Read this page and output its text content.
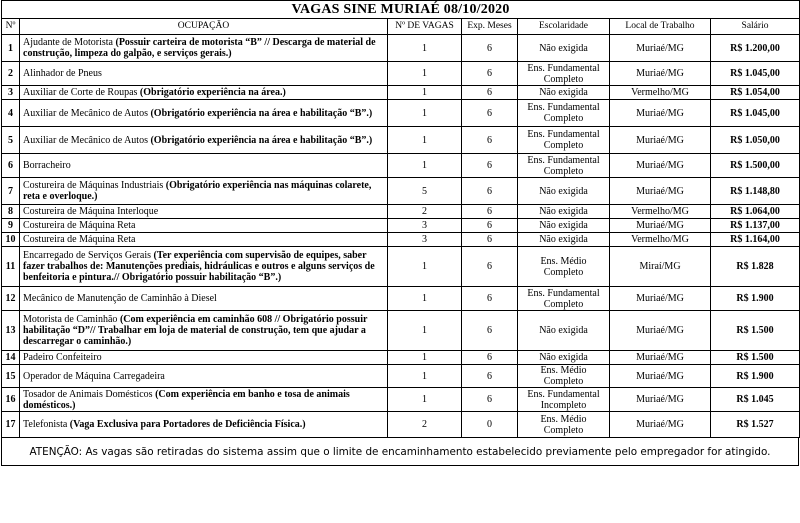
VAGAS SINE MURIAÉ 08/10/2020						
Nº	OCUPAÇÃO	Nº DE VAGAS	Exp. Meses	Escolaridade	Local de Trabalho	Salário
1	Ajudante de Motorista (Possuir carteira de motorista “B” // Descarga de material de construção, limpeza do galpão, e serviços gerais.)	1	6	Não exigida	Muriaé/MG	R$ 1.200,00
2	Alinhador de Pneus	1	6	Ens. Fundamental Completo	Muriaé/MG	R$ 1.045,00
3	Auxiliar de Corte de Roupas (Obrigatório experiência na área.)	1	6	Não exigida	Vermelho/MG	R$ 1.054,00
4	Auxiliar de Mecânico de Autos (Obrigatório experiência na área e habilitação “B”.)	1	6	Ens. Fundamental Completo	Muriaé/MG	R$ 1.045,00
5	Auxiliar de Mecânico de Autos (Obrigatório experiência na área e habilitação “B”.)	1	6	Ens. Fundamental Completo	Muriaé/MG	R$ 1.050,00
6	Borracheiro	1	6	Ens. Fundamental Completo	Muriaé/MG	R$ 1.500,00
7	Costureira de Máquinas Industriais (Obrigatório experiência nas máquinas colarete, reta e overloque.)	5	6	Não exigida	Muriaé/MG	R$ 1.148,80
8	Costureira de Máquina Interloque	2	6	Não exigida	Vermelho/MG	R$ 1.064,00
9	Costureira de Máquina Reta	3	6	Não exigida	Muriaé/MG	R$ 1.137,00
10	Costureira de Máquina Reta	3	6	Não exigida	Vermelho/MG	R$ 1.164,00
11	Encarregado de Serviços Gerais (Ter experiência com supervisão de equipes, saber fazer trabalhos de: Manutenções prediais, hidráulicas e outros e alguns serviços de benfeitoria e pintura.// Obrigatório possuir habilitação “B”.)	1	6	Ens. Médio Completo	Miraí/MG	R$ 1.828
12	Mecânico de Manutenção de Caminhão à Diesel	1	6	Ens. Fundamental Completo	Muriaé/MG	R$ 1.900
13	Motorista de Caminhão (Com experiência em caminhão 608 // Obrigatório possuir habilitação “D”// Trabalhar em loja de material de construção, tem que ajudar a descarregar o caminhão.)	1	6	Não exigida	Muriaé/MG	R$ 1.500
14	Padeiro Confeiteiro	1	6	Não exigida	Muriaé/MG	R$ 1.500
15	Operador de Máquina Carregadeira	1	6	Ens. Médio Completo	Muriaé/MG	R$ 1.900
16	Tosador de Animais Domésticos (Com experiência em banho e tosa de animais domésticos.)	1	6	Ens. Fundamental Incompleto	Muriaé/MG	R$ 1.045
17	Telefonista (Vaga Exclusiva para Portadores de Deficiência Física.)	2	0	Ens. Médio Completo	Muriaé/MG	R$ 1.527
ATENÇÃO: As vagas são retiradas do sistema assim que o limite de encaminhamento estabelecido previamente pelo empregador for atingido.
